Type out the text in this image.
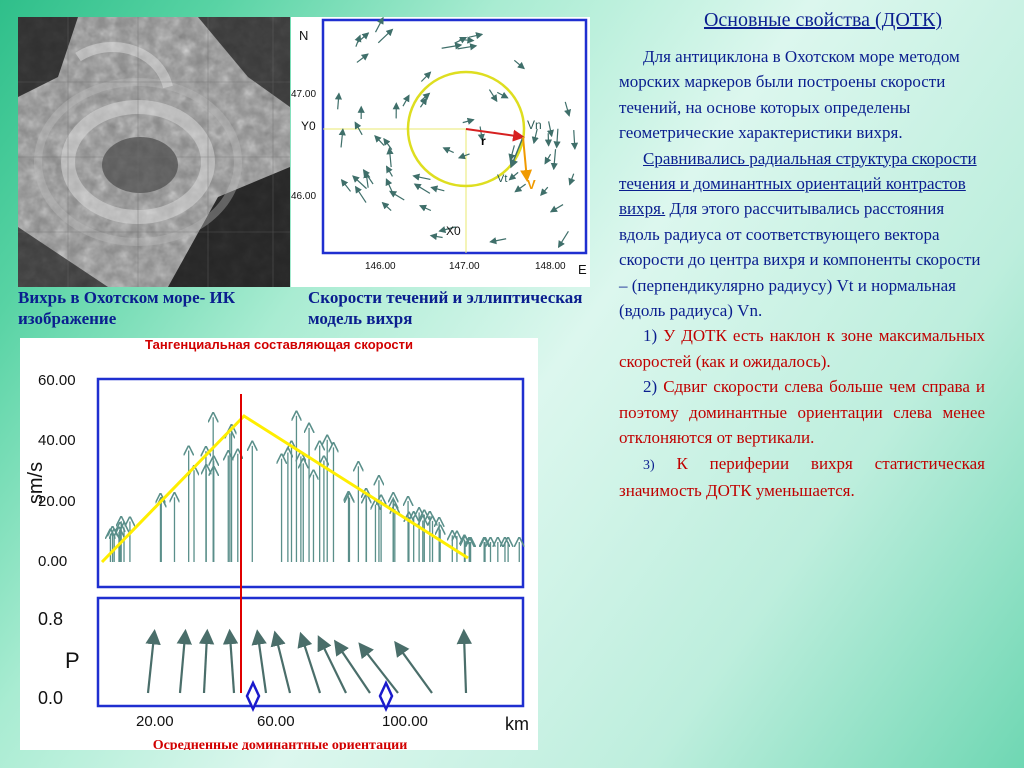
Вихрь в Охотском море- ИК изображение

Скорости течений и эллиптическая модель вихря

r
Vn
Vt V
N
47.00
Y0
46.00
146.00	147.00	148.00 E
X0
Тангенциальная составляющая скорости
60.00
40.00
20.00
0.00
0.8
0.0
20.00	60.00	100.00	km
P
sm/s
Осредненные доминантные ориентации
Основные свойства (ДОТК)

Для антициклона в Охотском море методом морских маркеров были построены скорости течений, на основе которых определены геометрические характеристики вихря.

Сравнивались радиальная структура скорости течения и доминантных ориентаций контрастов вихря. Для этого рассчитывались расстояния вдоль радиуса от соответствующего вектора скорости до центра вихря и компоненты скорости – (перпендикулярно радиусу) Vt и нормальная (вдоль радиуса) Vn.

1) У ДОТК есть наклон к зоне максимальных скоростей (как и ожидалось).

2) Сдвиг скорости слева больше чем справа и поэтому доминантные ориентации слева менее отклоняются от вертикали.

3) К периферии вихря статистическая значимость ДОТК уменьшается.
